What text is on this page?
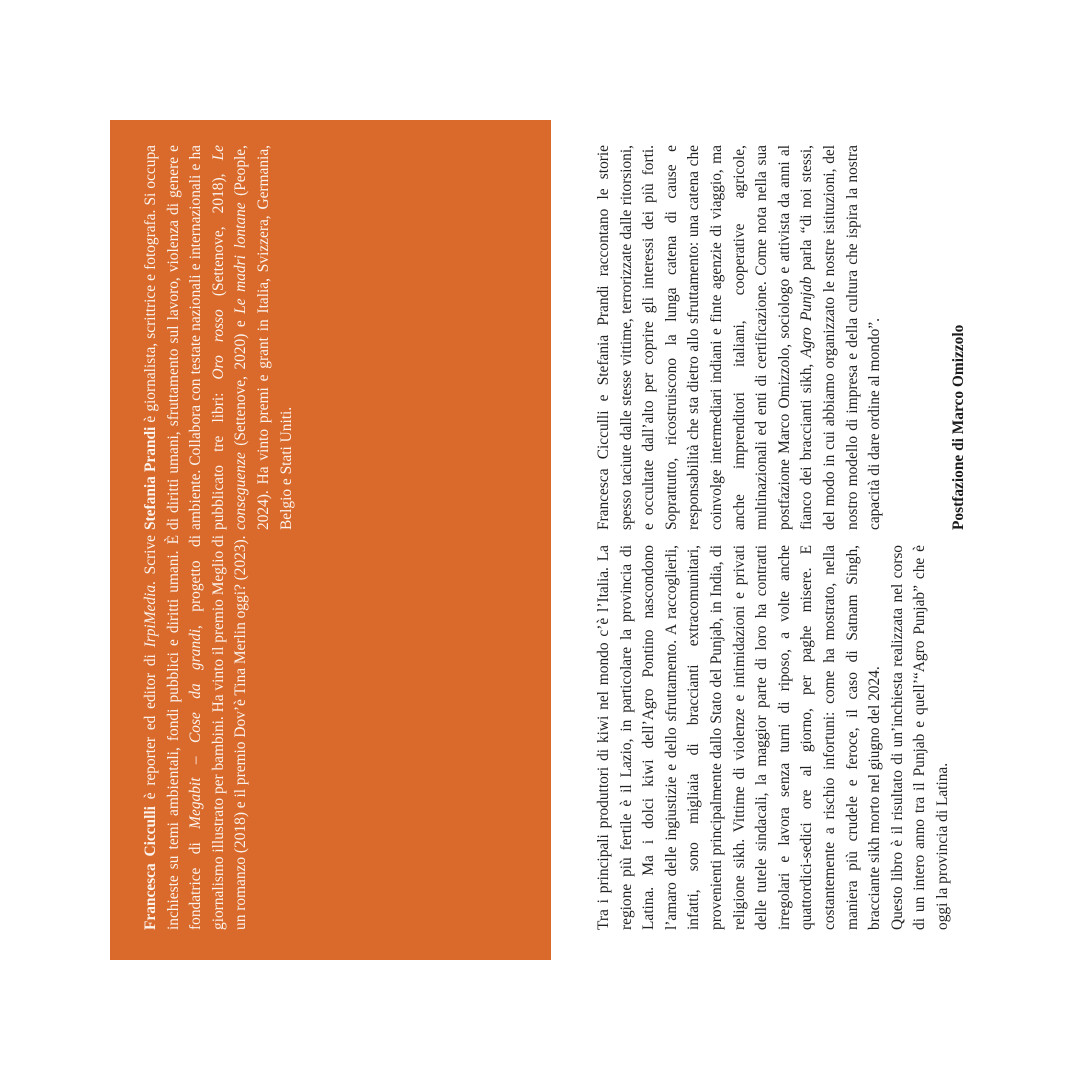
Francesca Cicculli è reporter ed editor di IrpiMedia. Scrive inchieste su temi ambientali, fondi pubblici e diritti umani. È fondatrice di Megabit – Cose da grandi, progetto di giornalismo illustrato per bambini. Ha vinto il premio Meglio di un romanzo (2018) e il premio Dov’è Tina Merlin oggi? (2023).

Stefania Prandi è giornalista, scrittrice e fotografa. Si occupa di diritti umani, sfruttamento sul lavoro, violenza di genere e ambiente. Collabora con testate nazionali e internazionali e ha pubblicato tre libri: Oro rosso (Settenove, 2018), Le conseguenze (Settenove, 2020) e Le madri lontane (People, 2024). Ha vinto premi e grant in Italia, Svizzera, Germania, Belgio e Stati Uniti.

Tra i principali produttori di kiwi nel mondo c’è l’Italia. La regione più fertile è il Lazio, in particolare la provincia di Latina. Ma i dolci kiwi dell’Agro Pontino nascondono l’amaro delle ingiustizie e dello sfruttamento. A raccoglierli, infatti, sono migliaia di braccianti extracomunitari, provenienti principalmente dallo Stato del Punjab, in India, di religione sikh. Vittime di violenze e intimidazioni e privati delle tutele sindacali, la maggior parte di loro ha contratti irregolari e lavora senza turni di riposo, a volte anche quattordici-sedici ore al giorno, per paghe misere. E costantemente a rischio infortuni: come ha mostrato, nella maniera più crudele e feroce, il caso di Satnam Singh, bracciante sikh morto nel giugno del 2024. Questo libro è il risultato di un’inchiesta realizzata nel corso di un intero anno tra il Punjab e quell’“Agro Punjab” che è oggi la provincia di Latina.

Francesca Cicculli e Stefania Prandi raccontano le storie spesso taciute dalle stesse vittime, terrorizzate dalle ritorsioni, e occultate dall’alto per coprire gli interessi dei più forti. Soprattutto, ricostruiscono la lunga catena di cause e responsabilità che sta dietro allo sfruttamento: una catena che coinvolge intermediari indiani e finte agenzie di viaggio, ma anche imprenditori italiani, cooperative agricole, multinazionali ed enti di certificazione. Come nota nella sua postfazione Marco Omizzolo, sociologo e attivista da anni al fianco dei braccianti sikh, Agro Punjab parla “di noi stessi, del modo in cui abbiamo organizzato le nostre istituzioni, del nostro modello di impresa e della cultura che ispira la nostra capacità di dare ordine al mondo”.	Postfazione di Marco Omizzolo
